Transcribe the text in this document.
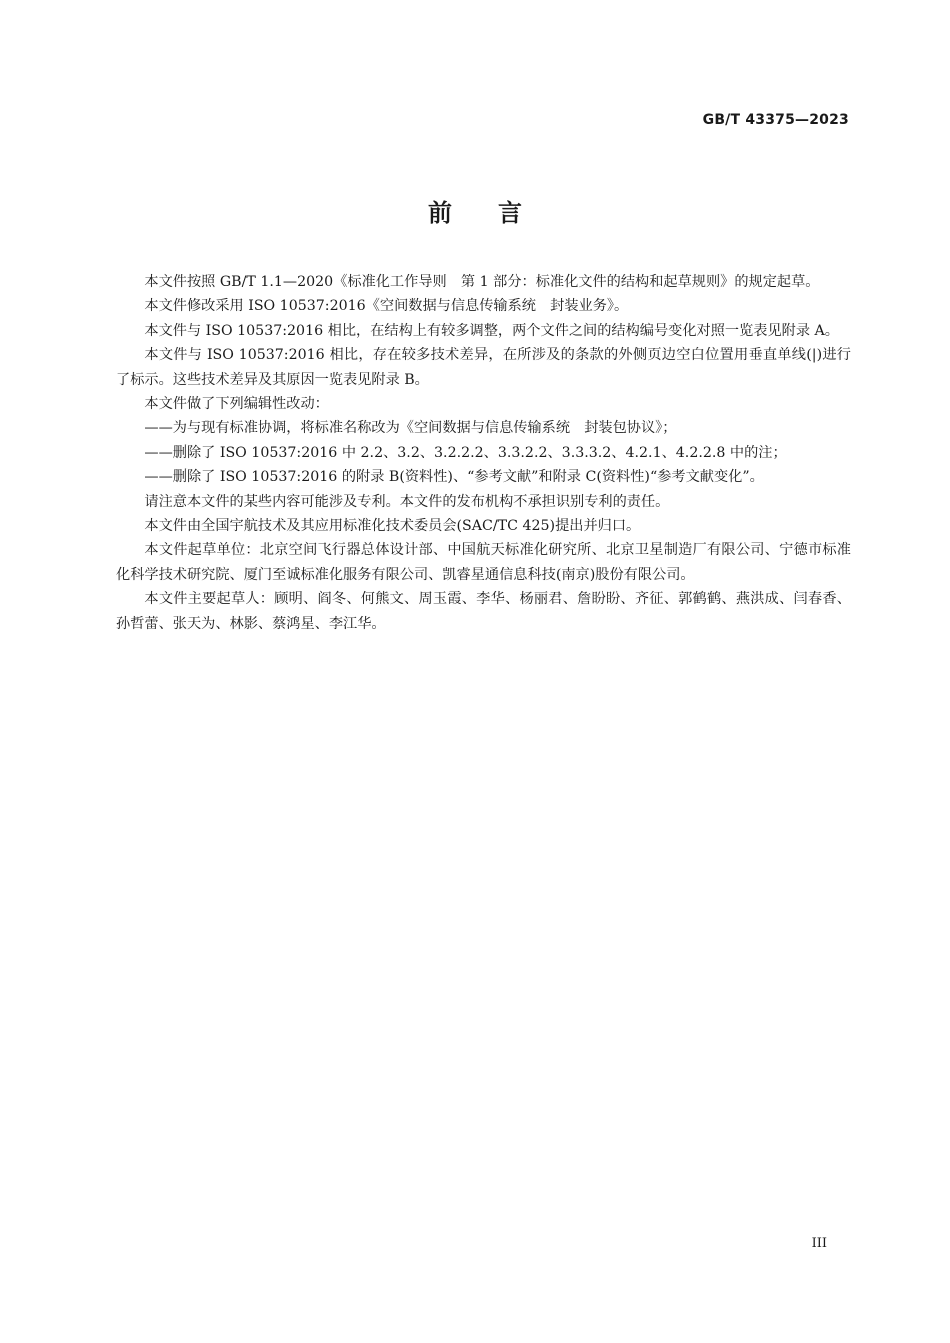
GB/T 43375—2023
前言

本文件按照 GB/T 1.1—2020《标准化工作导则　第 1 部分：标准化文件的结构和起草规则》的规定起草。

本文件修改采用 ISO 10537:2016《空间数据与信息传输系统　封装业务》。

本文件与 ISO 10537:2016 相比，在结构上有较多调整，两个文件之间的结构编号变化对照一览表见附录 A。

本文件与 ISO 10537:2016 相比，存在较多技术差异，在所涉及的条款的外侧页边空白位置用垂直单线(|)进行了标示。这些技术差异及其原因一览表见附录 B。

本文件做了下列编辑性改动：

——为与现有标准协调，将标准名称改为《空间数据与信息传输系统　封装包协议》；

——删除了 ISO 10537:2016 中 2.2、3.2、3.2.2.2、3.3.2.2、3.3.3.2、4.2.1、4.2.2.8 中的注；

——删除了 ISO 10537:2016 的附录 B(资料性)、“参考文献”和附录 C(资料性)“参考文献变化”。

请注意本文件的某些内容可能涉及专利。本文件的发布机构不承担识别专利的责任。

本文件由全国宇航技术及其应用标准化技术委员会(SAC/TC 425)提出并归口。

本文件起草单位：北京空间飞行器总体设计部、中国航天标准化研究所、北京卫星制造厂有限公司、宁德市标准化科学技术研究院、厦门至诚标准化服务有限公司、凯睿星通信息科技(南京)股份有限公司。

本文件主要起草人：顾明、阎冬、何熊文、周玉霞、李华、杨丽君、詹盼盼、齐征、郭鹤鹤、燕洪成、闫春香、孙哲蕾、张天为、林影、蔡鸿星、李江华。

III
